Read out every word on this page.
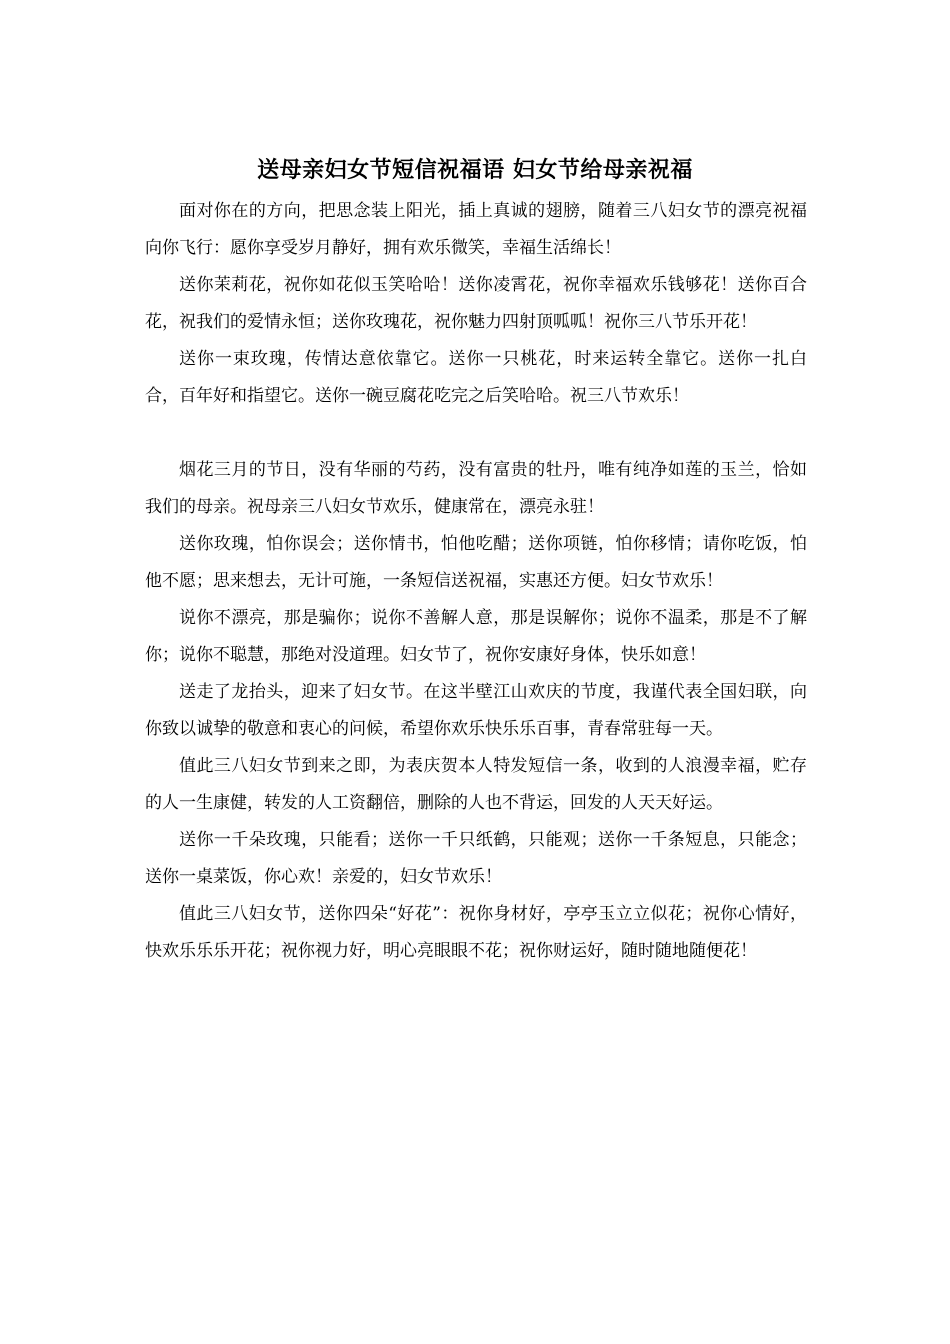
送母亲妇女节短信祝福语 妇女节给母亲祝福

面对你在的方向，把思念装上阳光，插上真诚的翅膀，随着三八妇女节的漂亮祝福向你飞行：愿你享受岁月静好，拥有欢乐微笑，幸福生活绵长！

送你茉莉花，祝你如花似玉笑哈哈！送你凌霄花，祝你幸福欢乐钱够花！送你百合花，祝我们的爱情永恒；送你玫瑰花，祝你魅力四射顶呱呱！祝你三八节乐开花！

送你一束玫瑰，传情达意依靠它。送你一只桃花，时来运转全靠它。送你一扎白合，百年好和指望它。送你一碗豆腐花吃完之后笑哈哈。祝三八节欢乐！

烟花三月的节日，没有华丽的芍药，没有富贵的牡丹，唯有纯净如莲的玉兰，恰如我们的母亲。祝母亲三八妇女节欢乐，健康常在，漂亮永驻！

送你玫瑰，怕你误会；送你情书，怕他吃醋；送你项链，怕你移情；请你吃饭，怕他不愿；思来想去，无计可施，一条短信送祝福，实惠还方便。妇女节欢乐！

说你不漂亮，那是骗你；说你不善解人意，那是误解你；说你不温柔，那是不了解你；说你不聪慧，那绝对没道理。妇女节了，祝你安康好身体，快乐如意！

送走了龙抬头，迎来了妇女节。在这半壁江山欢庆的节度，我谨代表全国妇联，向你致以诚挚的敬意和衷心的问候，希望你欢乐快乐乐百事，青春常驻每一天。

值此三八妇女节到来之即，为表庆贺本人特发短信一条，收到的人浪漫幸福，贮存的人一生康健，转发的人工资翻倍，删除的人也不背运，回发的人天天好运。

送你一千朵玫瑰，只能看；送你一千只纸鹤，只能观；送你一千条短息，只能念；送你一桌菜饭，你心欢！亲爱的，妇女节欢乐！

值此三八妇女节，送你四朵“好花”：祝你身材好，亭亭玉立立似花；祝你心情好，快欢乐乐乐开花；祝你视力好，明心亮眼眼不花；祝你财运好，随时随地随便花！
